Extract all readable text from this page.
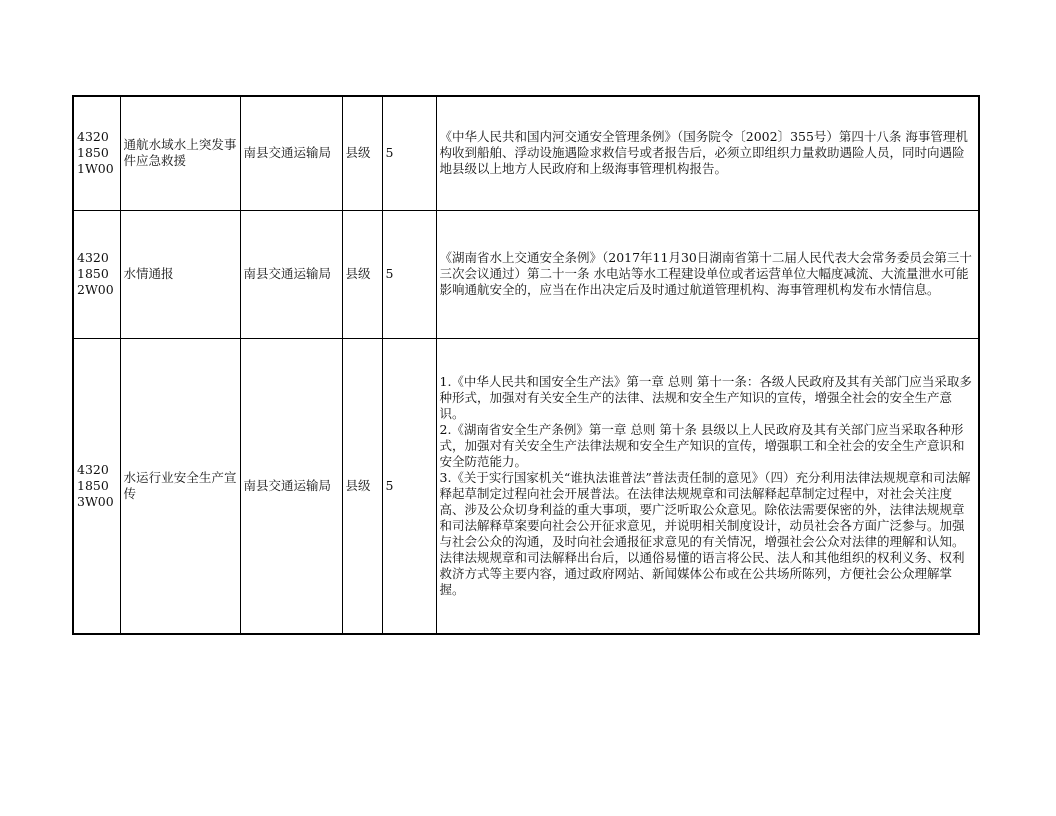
432018501W00	通航水域水上突发事件应急救援	南县交通运输局	县级	5	《中华人民共和国内河交通安全管理条例》（国务院令〔2002〕355号）第四十八条 海事管理机构收到船舶、浮动设施遇险求救信号或者报告后，必须立即组织力量救助遇险人员，同时向遇险地县级以上地方人民政府和上级海事管理机构报告。

432018502W00	水情通报	南县交通运输局	县级	5	《湖南省水上交通安全条例》（2017年11月30日湖南省第十二届人民代表大会常务委员会第三十三次会议通过）第二十一条 水电站等水工程建设单位或者运营单位大幅度减流、大流量泄水可能影响通航安全的，应当在作出决定后及时通过航道管理机构、海事管理机构发布水情信息。

432018503W00	水运行业安全生产宣传	南县交通运输局	县级	5	1.《中华人民共和国安全生产法》第一章 总则 第十一条：各级人民政府及其有关部门应当采取多种形式，加强对有关安全生产的法律、法规和安全生产知识的宣传，增强全社会的安全生产意识。
2.《湖南省安全生产条例》第一章 总则 第十条 县级以上人民政府及其有关部门应当采取各种形式，加强对有关安全生产法律法规和安全生产知识的宣传，增强职工和全社会的安全生产意识和安全防范能力。
3.《关于实行国家机关“谁执法谁普法”普法责任制的意见》（四）充分利用法律法规规章和司法解释起草制定过程向社会开展普法。在法律法规规章和司法解释起草制定过程中，对社会关注度高、涉及公众切身利益的重大事项，要广泛听取公众意见。除依法需要保密的外，法律法规规章和司法解释草案要向社会公开征求意见，并说明相关制度设计，动员社会各方面广泛参与。加强与社会公众的沟通，及时向社会通报征求意见的有关情况，增强社会公众对法律的理解和认知。法律法规规章和司法解释出台后，以通俗易懂的语言将公民、法人和其他组织的权利义务、权利救济方式等主要内容，通过政府网站、新闻媒体公布或在公共场所陈列，方便社会公众理解掌握。
